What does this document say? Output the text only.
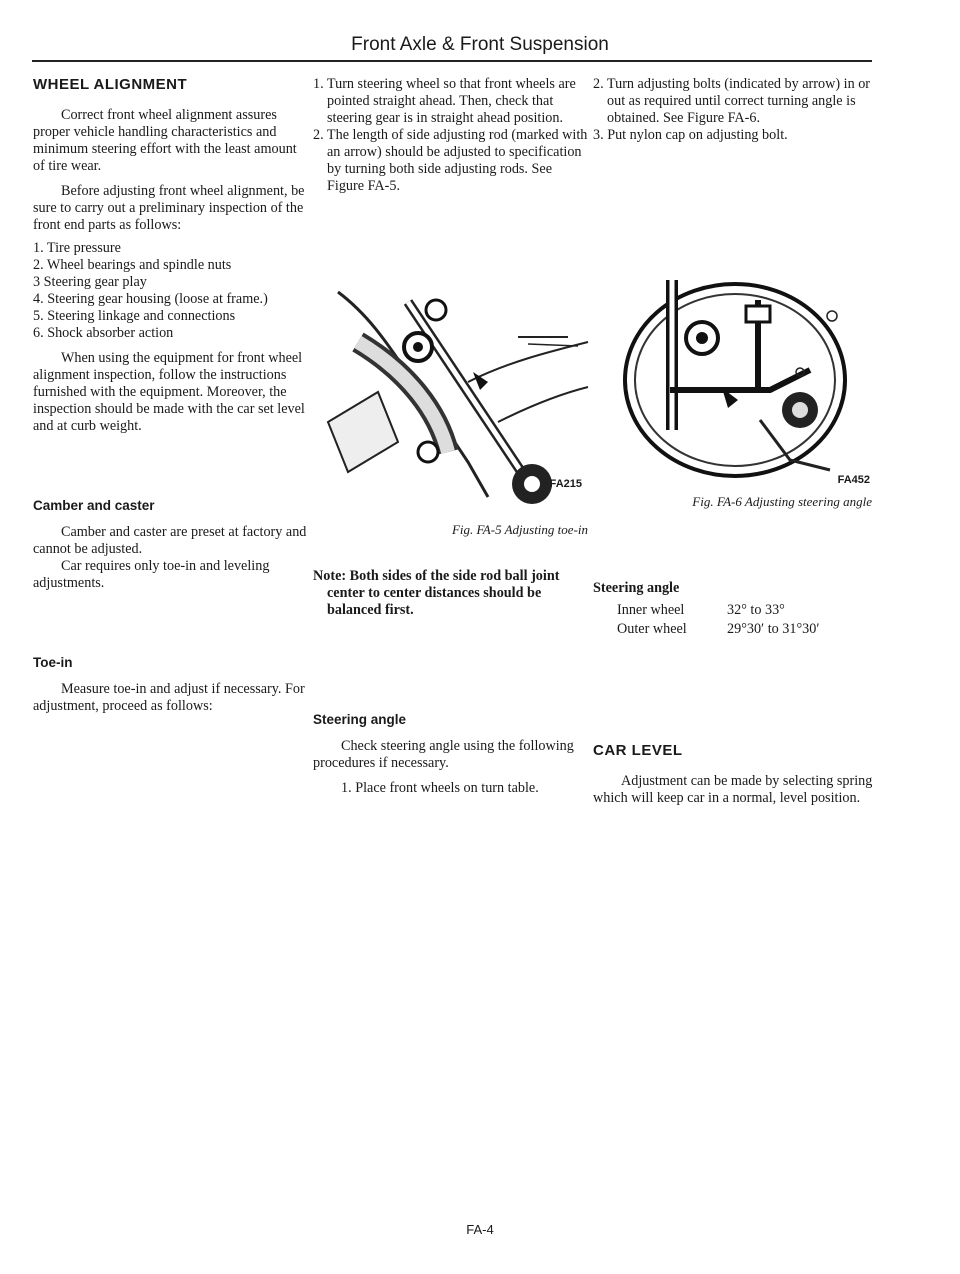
Front Axle & Front Suspension
WHEEL ALIGNMENT

Correct front wheel alignment assures proper vehicle handling characteristics and minimum steering effort with the least amount of tire wear.

Before adjusting front wheel alignment, be sure to carry out a preliminary inspection of the front end parts as follows:

1. Tire pressure
2. Wheel bearings and spindle nuts
3 Steering gear play
4. Steering gear housing (loose at frame.)
5. Steering linkage and connections
6. Shock absorber action

When using the equipment for front wheel alignment inspection, follow the instructions furnished with the equipment. Moreover, the inspection should be made with the car set level and at curb weight.

Camber and caster

Camber and caster are preset at factory and cannot be adjusted.

Car requires only toe-in and leveling adjustments.

Toe-in

Measure toe-in and adjust if necessary. For adjustment, proceed as follows:

1. Turn steering wheel so that front wheels are pointed straight ahead. Then, check that steering gear is in straight ahead position.
2. The length of side adjusting rod (marked with an arrow) should be adjusted to specification by turning both side adjusting rods. See Figure FA-5.
FA215
Fig. FA-5 Adjusting toe-in

Note: Both sides of the side rod ball joint center to center distances should be balanced first.

Steering angle

Check steering angle using the following procedures if necessary.

1. Place front wheels on turn table.

2. Turn adjusting bolts (indicated by arrow) in or out as required until correct turning angle is obtained. See Figure FA-6.
3. Put nylon cap on adjusting bolt.
FA452
Fig. FA-6 Adjusting steering angle

Steering angle

Inner wheel	32° to 33°
Outer wheel	29°30′ to 31°30′
CAR LEVEL

Adjustment can be made by selecting spring which will keep car in a normal, level position.

FA-4
